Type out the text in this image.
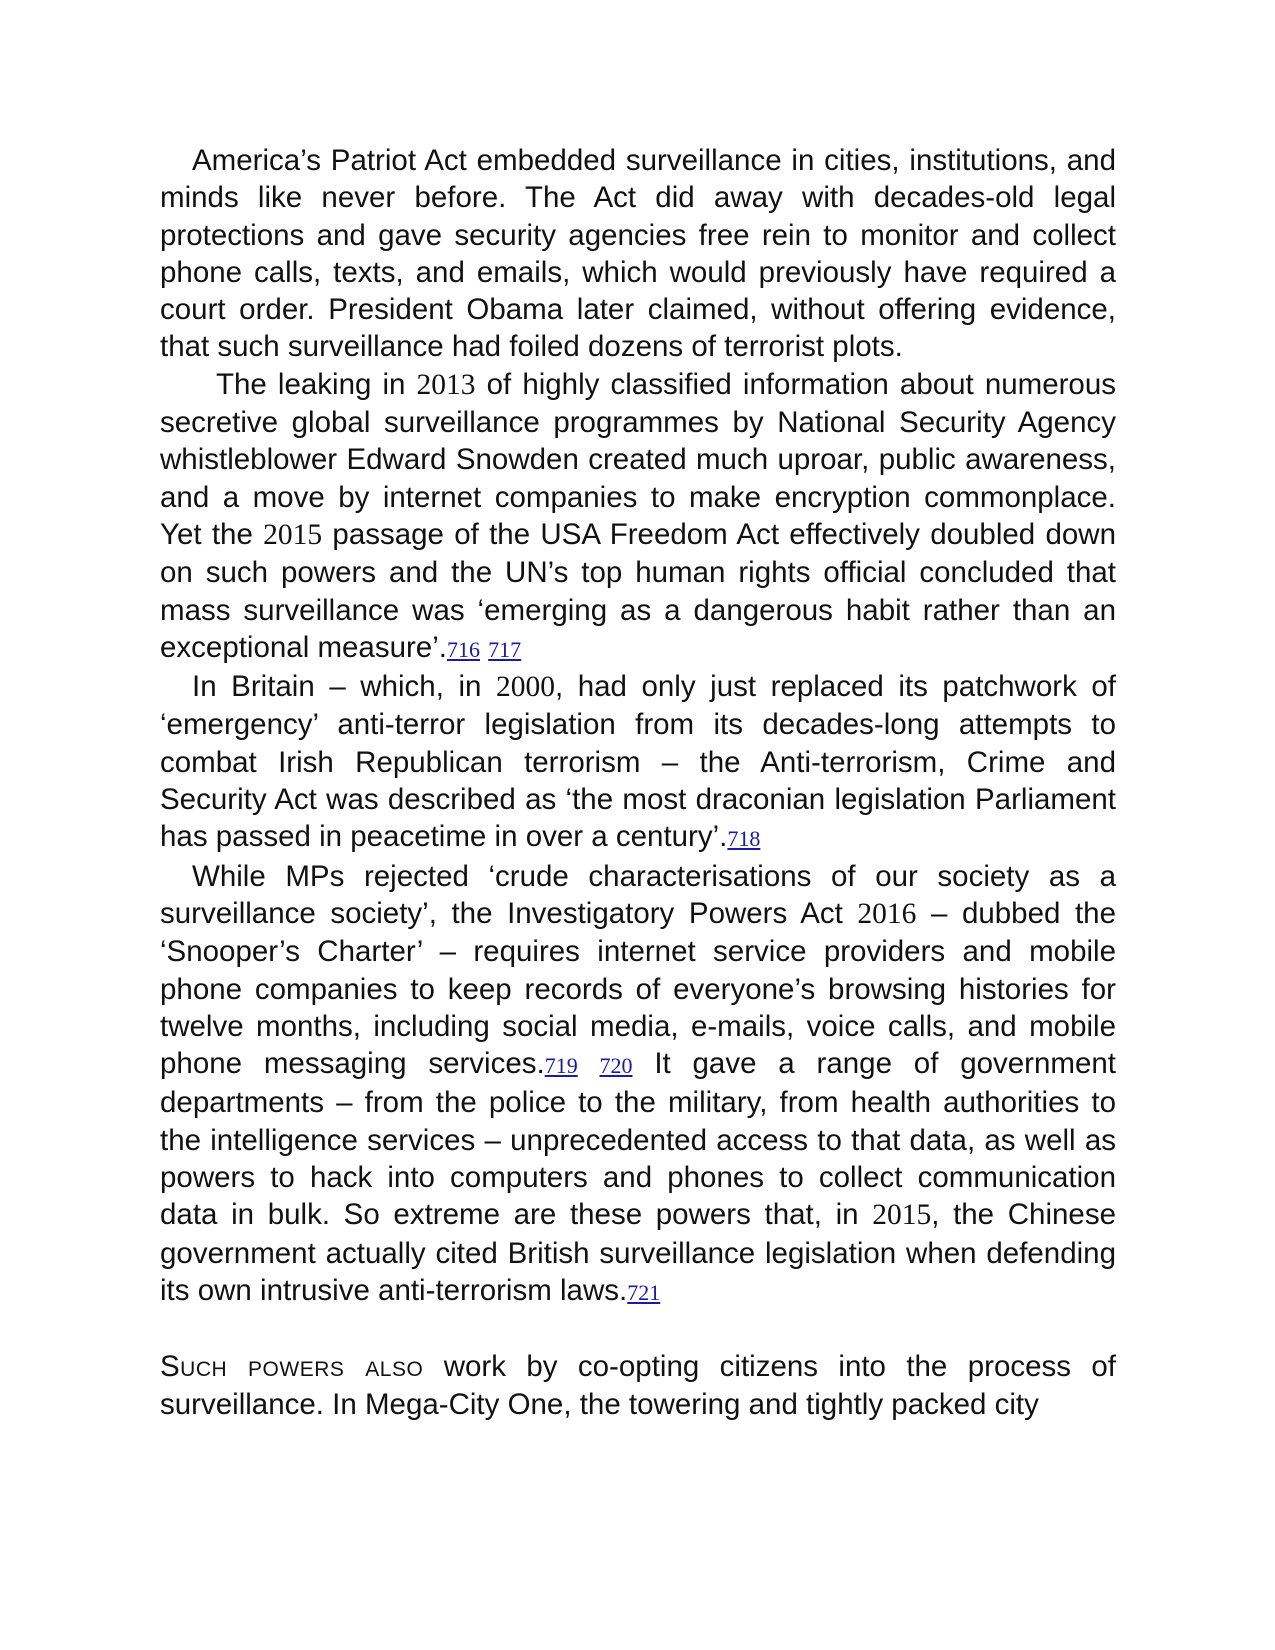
America’s Patriot Act embedded surveillance in cities, institutions, and minds like never before. The Act did away with decades-old legal protections and gave security agencies free rein to monitor and collect phone calls, texts, and emails, which would previously have required a court order. President Obama later claimed, without offering evidence, that such surveillance had foiled dozens of terrorist plots.

The leaking in 2013 of highly classified information about numerous secretive global surveillance programmes by National Security Agency whistleblower Edward Snowden created much uproar, public awareness, and a move by internet companies to make encryption commonplace. Yet the 2015 passage of the USA Freedom Act effectively doubled down on such powers and the UN’s top human rights official concluded that mass surveillance was ‘emerging as a dangerous habit rather than an exceptional measure’.716 717

In Britain – which, in 2000, had only just replaced its patchwork of ‘emergency’ anti-terror legislation from its decades-long attempts to combat Irish Republican terrorism – the Anti-terrorism, Crime and Security Act was described as ‘the most draconian legislation Parliament has passed in peacetime in over a century’.718

While MPs rejected ‘crude characterisations of our society as a surveillance society’, the Investigatory Powers Act 2016 – dubbed the ‘Snooper’s Charter’ – requires internet service providers and mobile phone companies to keep records of everyone’s browsing histories for twelve months, including social media, e-mails, voice calls, and mobile phone messaging services.719 720 It gave a range of government departments – from the police to the military, from health authorities to the intelligence services – unprecedented access to that data, as well as powers to hack into computers and phones to collect communication data in bulk. So extreme are these powers that, in 2015, the Chinese government actually cited British surveillance legislation when defending its own intrusive anti-terrorism laws.721

Such powers also work by co-opting citizens into the process of surveillance. In Mega-City One, the towering and tightly packed city
